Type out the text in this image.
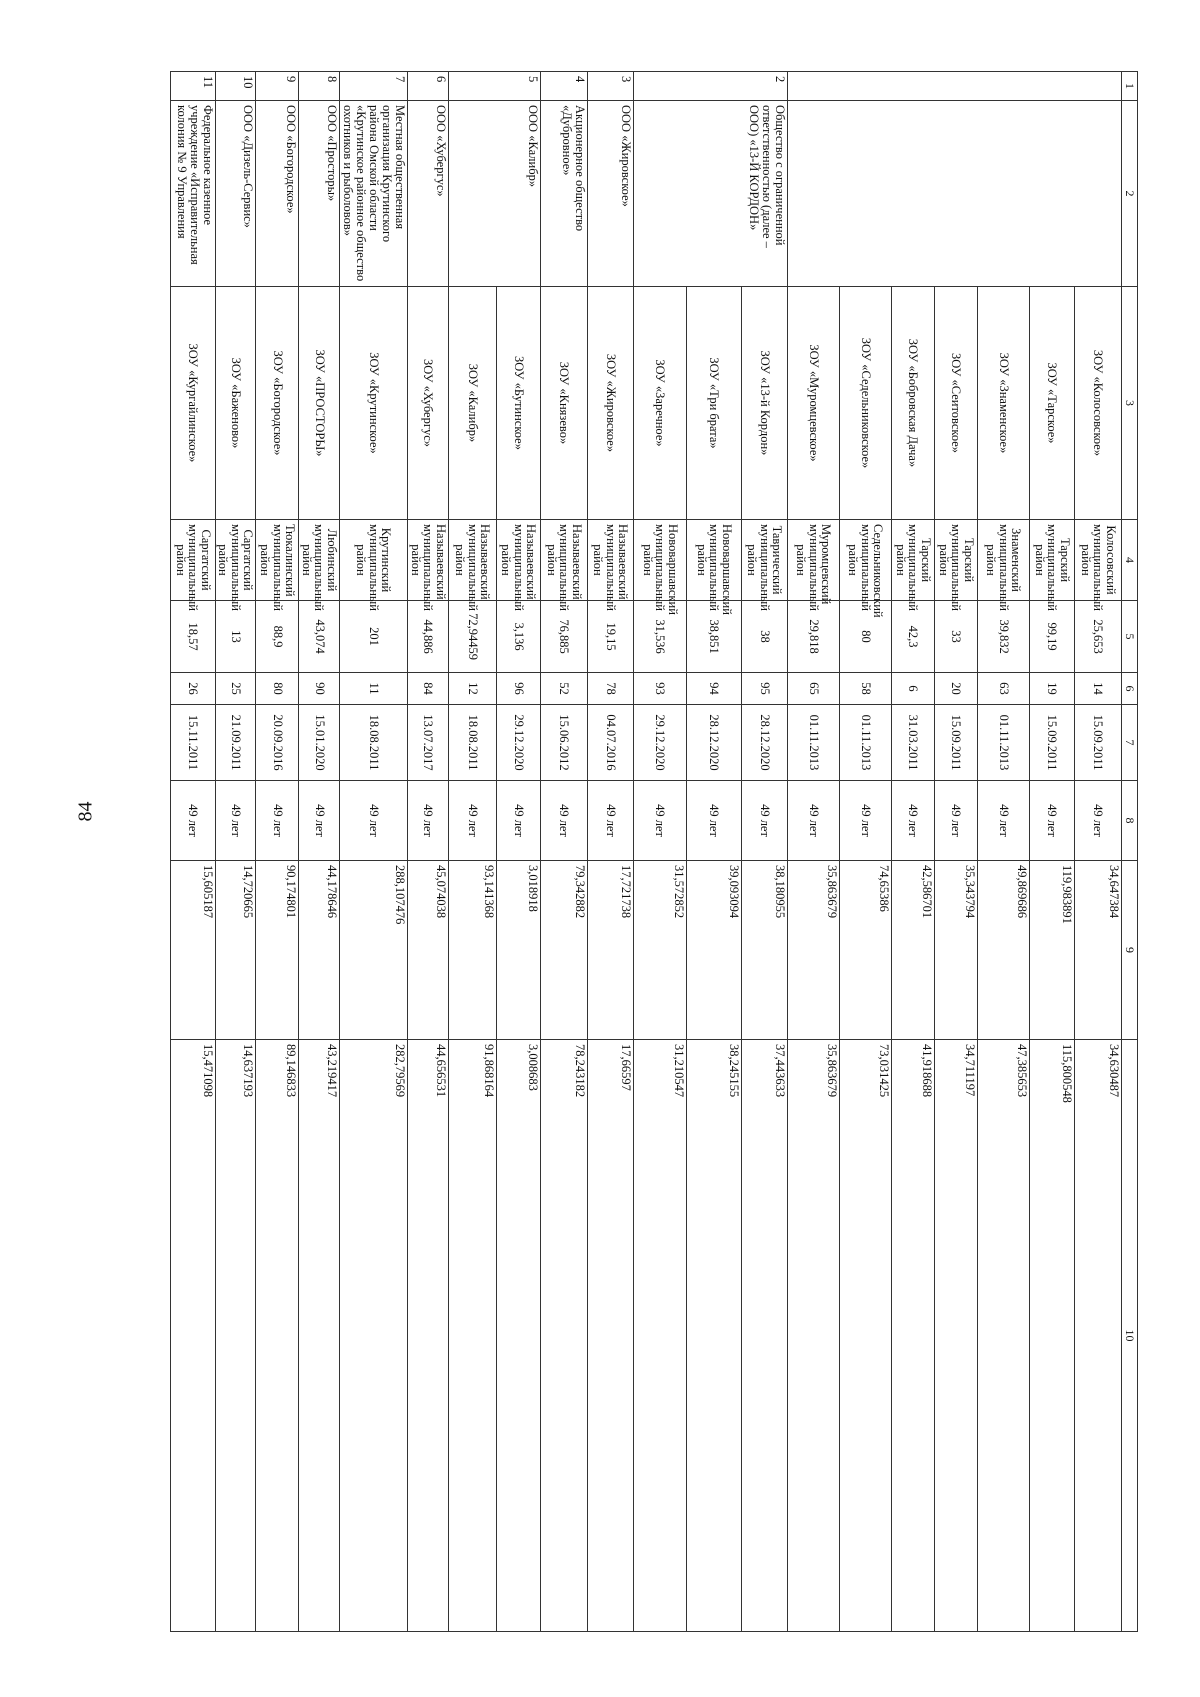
84
1	2	3	4	5	6	7	8	9	10
		ЗОУ «Колосовское»	Колосовский муниципальный район	25,653	14	15.09.2011	49 лет	34,647384	34,630487
		ЗОУ «Тарское»	Тарский муниципальный район	99,19	19	15.09.2011	49 лет	119,983891	115,800548
		ЗОУ «Знаменское»	Знаменский муниципальный район	39,832	63	01.11.2013	49 лет	49,869686	47,385653
		ЗОУ «Сеитовское»	Тарский муниципальный район	33	20	15.09.2011	49 лет	35,343794	34,711197
		ЗОУ «Бобровская Дача»	Тарский муниципальный район	42,3	6	31.03.2011	49 лет	42,586701	41,918688
		ЗОУ «Седельниковское»	Седельниковский муниципальный район	80	58	01.11.2013	49 лет	74,65386	73,031425
		ЗОУ «Муромцевское»	Муромцевский муниципальный район	29,818	65	01.11.2013	49 лет	35,863679	35,863679
2	Общество с ограниченной ответственностью (далее – ООО) «13-Й КОРДОН»	ЗОУ «13-й Кордон»	Таврический муниципальный район	38	95	28.12.2020	49 лет	38,180955	37,443633
		ЗОУ «Три брата»	Нововаршавский муниципальный район	38,851	94	28.12.2020	49 лет	39,093094	38,245155
		ЗОУ «Заречное»	Нововаршавский муниципальный район	31,536	93	29.12.2020	49 лет	31,572852	31,210547
3	ООО «Жировское»	ЗОУ «Жировское»	Называевский муниципальный район	19,15	78	04.07.2016	49 лет	17,721738	17,66597
4	Акционерное общество «Дубровное»	ЗОУ «Князево»	Называевский муниципальный район	76,885	52	15.06.2012	49 лет	79,342882	78,243182
5	ООО «Калибр»	ЗОУ «Бутинское»	Называевский муниципальный район	3,136	96	29.12.2020	49 лет	3,018918	3,008683
		ЗОУ «Калибр»	Называевский муниципальный район	72,94459	12	18.08.2011	49 лет	93,141368	91,868164
6	ООО «Хубергус»	ЗОУ «Хубергус»	Называевский муниципальный район	44,886	84	13.07.2017	49 лет	45,074038	44,656531
7	Местная общественная организация Крутинского района Омской области «Крутинское районное общество охотников и рыболовов»	ЗОУ «Крутинское»	Крутинский муниципальный район	201	11	18.08.2011	49 лет	288,107476	282,79569
8	ООО «Просторы»	ЗОУ «ПРОСТОРЫ»	Любинский муниципальный район	43,074	90	15.01.2020	49 лет	44,178646	43,219417
9	ООО «Богородское»	ЗОУ «Богородское»	Тюкалинский муниципальный район	88,9	80	20.09.2016	49 лет	90,174801	89,146833
10	ООО «Дизель-Сервис»	ЗОУ «Баженово»	Саргатский муниципальный район	13	25	21.09.2011	49 лет	14,720665	14,637193
11	Федеральное казенное учреждение «Исправительная колония № 9 Управления	ЗОУ «Кургайлинское»	Саргатский муниципальный район	18,57	26	15.11.2011	49 лет	15,605187	15,471098
